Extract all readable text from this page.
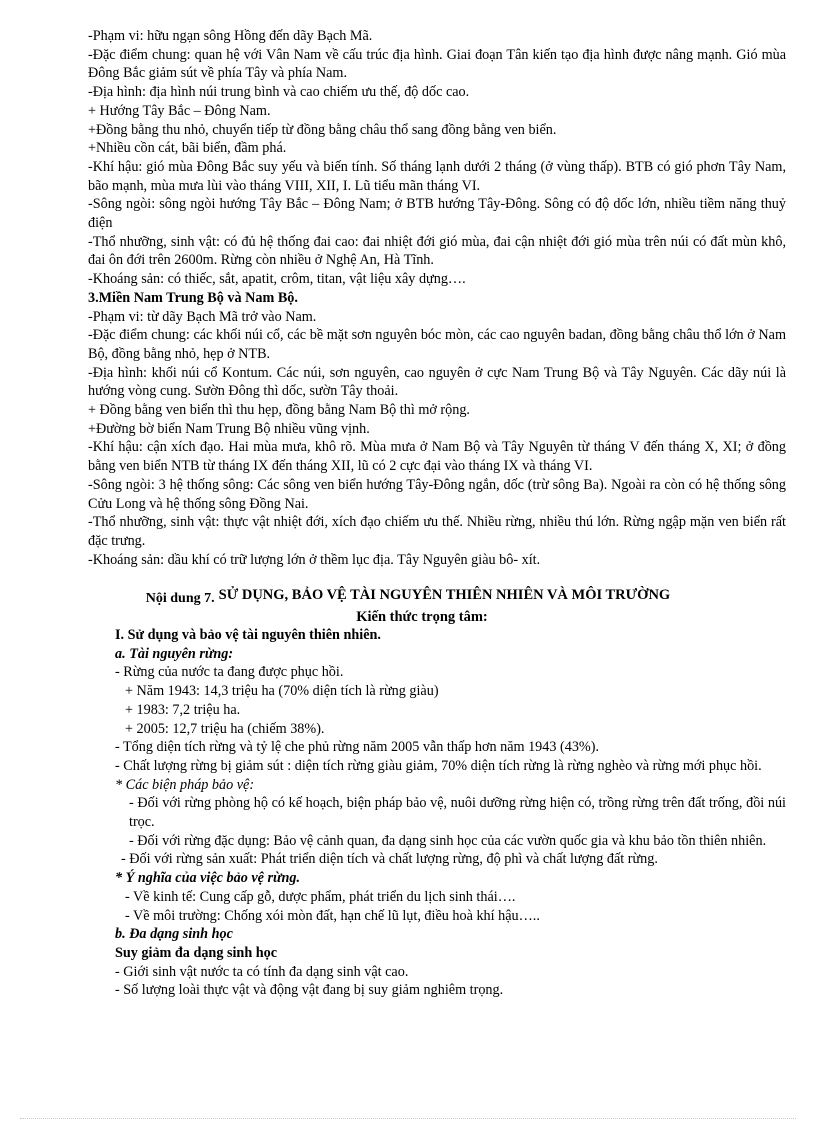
-Phạm vi: hữu ngạn sông Hồng đến dãy Bạch Mã.

-Đặc điểm chung: quan hệ với Vân Nam về cấu trúc địa hình. Giai đoạn Tân kiến tạo địa hình được nâng mạnh. Gió mùa Đông Bắc giảm sút về phía Tây và phía Nam.

-Địa hình: địa hình núi trung bình và cao chiếm ưu thế, độ dốc cao.

+ Hướng Tây Bắc – Đông Nam.

+Đồng bằng thu nhỏ, chuyển tiếp từ đồng bằng châu thổ sang đồng bằng ven biển.

+Nhiều cồn cát, bãi biển, đầm phá.

-Khí hậu: gió mùa Đông Bắc suy yếu và biến tính. Số tháng lạnh dưới 2 tháng (ở vùng thấp). BTB có gió phơn Tây Nam, bão mạnh, mùa mưa lùi vào tháng VIII, XII, I. Lũ tiểu mãn tháng VI.

-Sông ngòi: sông ngòi hướng Tây Bắc – Đông Nam; ở BTB hướng Tây-Đông. Sông có độ dốc lớn, nhiều tiềm năng thuỷ điện

-Thổ nhưỡng, sinh vật: có đủ hệ thống đai cao: đai nhiệt đới gió mùa, đai cận nhiệt đới gió mùa trên núi có đất mùn khô, đai ôn đới trên 2600m. Rừng còn nhiều ở Nghệ An, Hà Tĩnh.

-Khoáng sản: có thiếc, sắt, apatit, crôm, titan, vật liệu xây dựng….

3.Miền Nam Trung Bộ và Nam Bộ.

-Phạm vi: từ dãy Bạch Mã trở vào Nam.

-Đặc điểm chung: các khối núi cổ, các bề mặt sơn nguyên bóc mòn, các cao nguyên badan, đồng bằng châu thổ lớn ở Nam Bộ, đồng bằng nhỏ, hẹp ở NTB.

-Địa hình: khối núi cổ Kontum. Các núi, sơn nguyên, cao nguyên ở cực Nam Trung Bộ và Tây Nguyên. Các dãy núi là hướng vòng cung. Sườn Đông thì dốc, sườn Tây thoải.

+ Đồng bằng ven biển thì thu hẹp, đồng bằng Nam Bộ thì mở rộng.

+Đường bờ biển Nam Trung Bộ nhiều vũng vịnh.

-Khí hậu: cận xích đạo. Hai mùa mưa, khô rõ. Mùa mưa ở Nam Bộ và Tây Nguyên từ tháng V đến tháng X, XI; ở đồng bằng ven biển NTB từ tháng IX đến tháng XII, lũ có 2 cực đại vào tháng IX và tháng VI.

-Sông ngòi: 3 hệ thống sông: Các sông ven biển hướng Tây-Đông ngắn, dốc (trừ sông Ba). Ngoài ra còn có hệ thống sông Cửu Long và hệ thống sông Đồng Nai.

-Thổ nhưỡng, sinh vật: thực vật nhiệt đới, xích đạo chiếm ưu thế. Nhiều rừng, nhiều thú lớn. Rừng ngập mặn ven biển rất đặc trưng.

-Khoáng sản: dầu khí có trữ lượng lớn ở thềm lục địa. Tây Nguyên giàu bô- xít.

Nội dung 7. SỬ DỤNG, BẢO VỆ TÀI NGUYÊN THIÊN NHIÊN VÀ MÔI TRƯỜNG
Kiến thức trọng tâm:

I. Sử dụng và bảo vệ tài nguyên thiên nhiên.

a. Tài nguyên rừng:

- Rừng của nước ta đang được phục hồi.

+ Năm 1943: 14,3 triệu ha (70% diện tích là rừng giàu)

+ 1983: 7,2 triệu ha.

+ 2005: 12,7 triệu ha (chiếm 38%).

- Tổng diện tích rừng và tỷ lệ che phủ rừng năm 2005 vẫn thấp hơn năm 1943 (43%).

- Chất lượng rừng bị giảm sút : diện tích rừng giàu giảm, 70% diện tích rừng là rừng nghèo và rừng mới phục hồi.

* Các biện pháp bảo vệ:

- Đối với rừng phòng hộ có kế hoạch, biện pháp bảo vệ, nuôi dưỡng rừng hiện có, trồng rừng trên đất trống, đồi núi trọc.

- Đối với rừng đặc dụng: Bảo vệ cảnh quan, đa dạng sinh học của các vườn quốc gia và khu bảo tồn thiên nhiên.

- Đối với rừng sản xuất: Phát triển diện tích và chất lượng rừng, độ phì và chất lượng đất rừng.

* Ý nghĩa của việc bảo vệ rừng.

- Về kinh tế: Cung cấp gỗ, dược phẩm, phát triển du lịch sinh thái….

- Về môi trường: Chống xói mòn đất, hạn chế lũ lụt, điều hoà khí hậu…..

b. Đa dạng sinh học

Suy giảm đa dạng sinh học

- Giới sinh vật nước ta có tính đa dạng sinh vật cao.

- Số lượng loài thực vật và động vật đang bị suy giảm nghiêm trọng.
